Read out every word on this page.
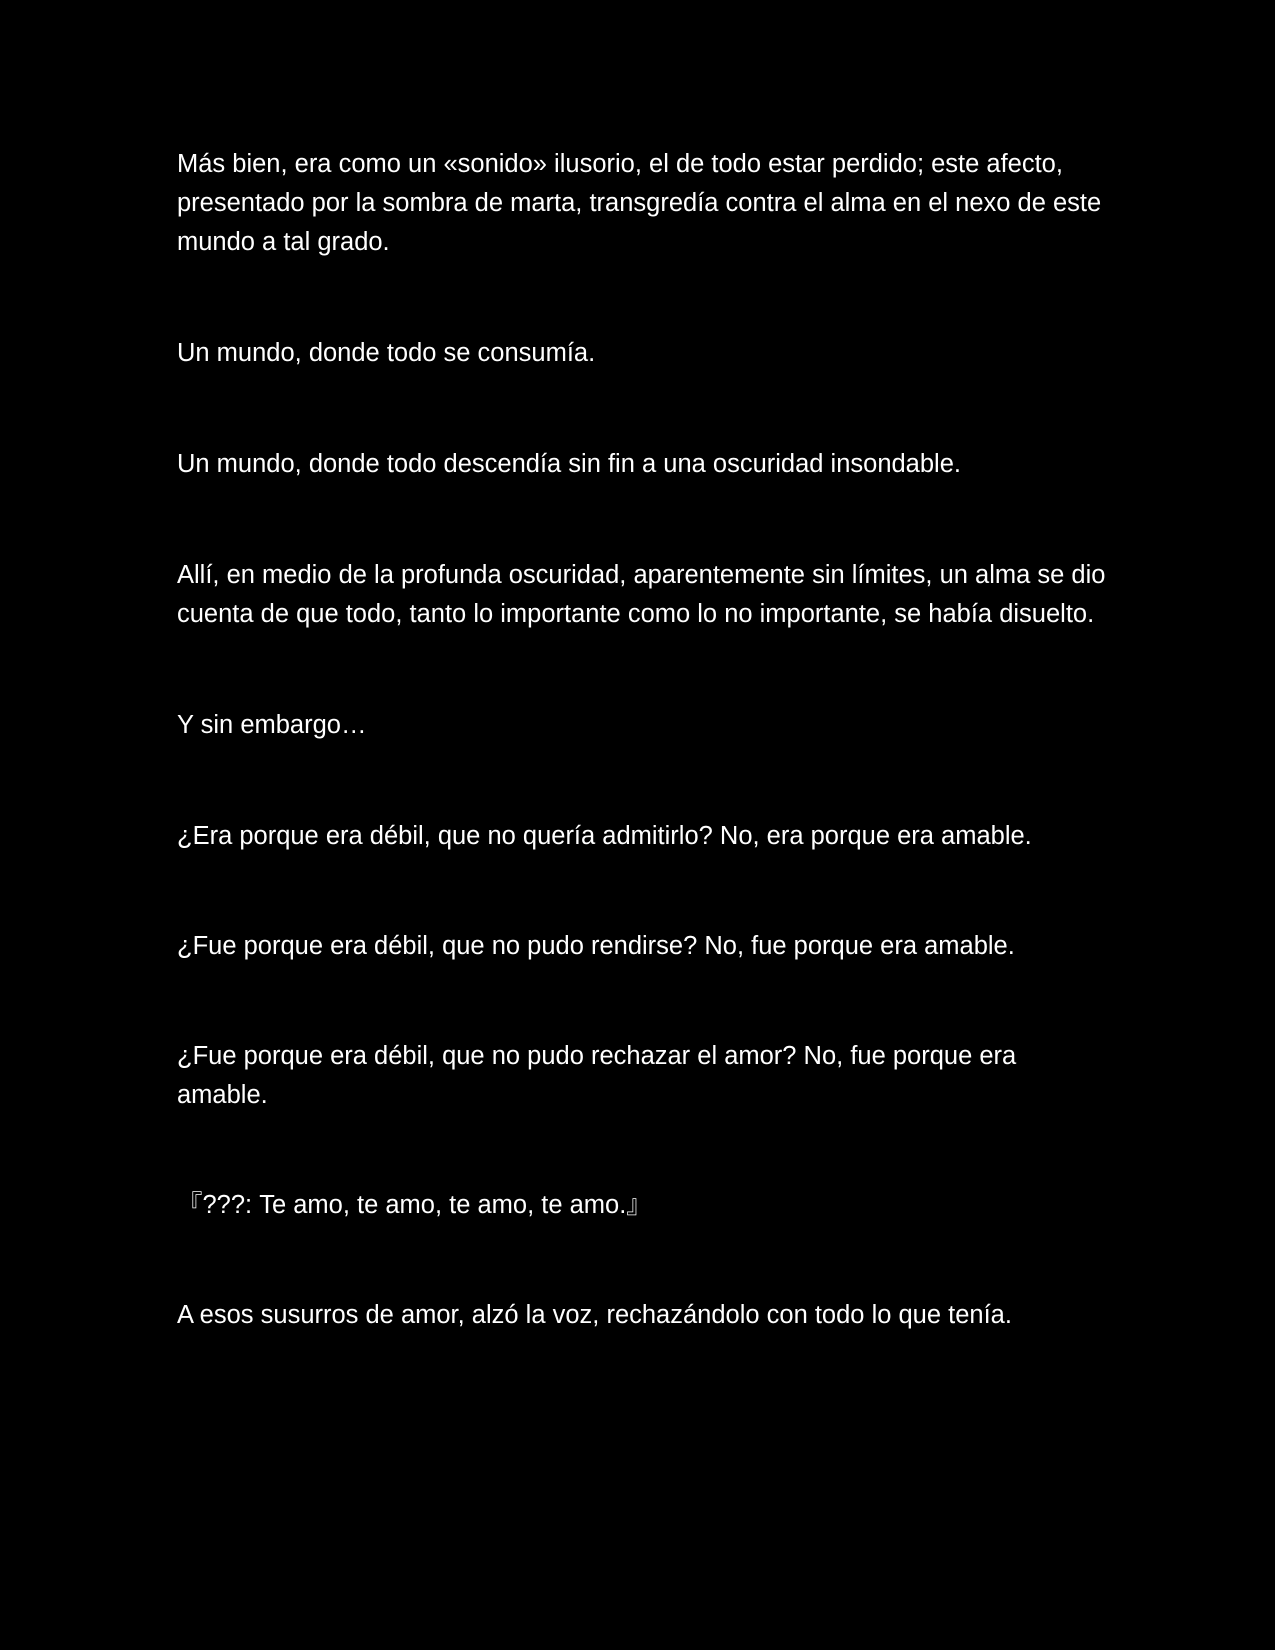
Más bien, era como un «sonido» ilusorio, el de todo estar perdido; este afecto, presentado por la sombra de marta, transgredía contra el alma en el nexo de este mundo a tal grado.

Un mundo, donde todo se consumía.

Un mundo, donde todo descendía sin fin a una oscuridad insondable.

Allí, en medio de la profunda oscuridad, aparentemente sin límites, un alma se dio cuenta de que todo, tanto lo importante como lo no importante, se había disuelto.

Y sin embargo…

¿Era porque era débil, que no quería admitirlo? No, era porque era amable.

¿Fue porque era débil, que no pudo rendirse? No, fue porque era amable.

¿Fue porque era débil, que no pudo rechazar el amor? No, fue porque era amable.

『???: Te amo, te amo, te amo, te amo.』

A esos susurros de amor, alzó la voz, rechazándolo con todo lo que tenía.
